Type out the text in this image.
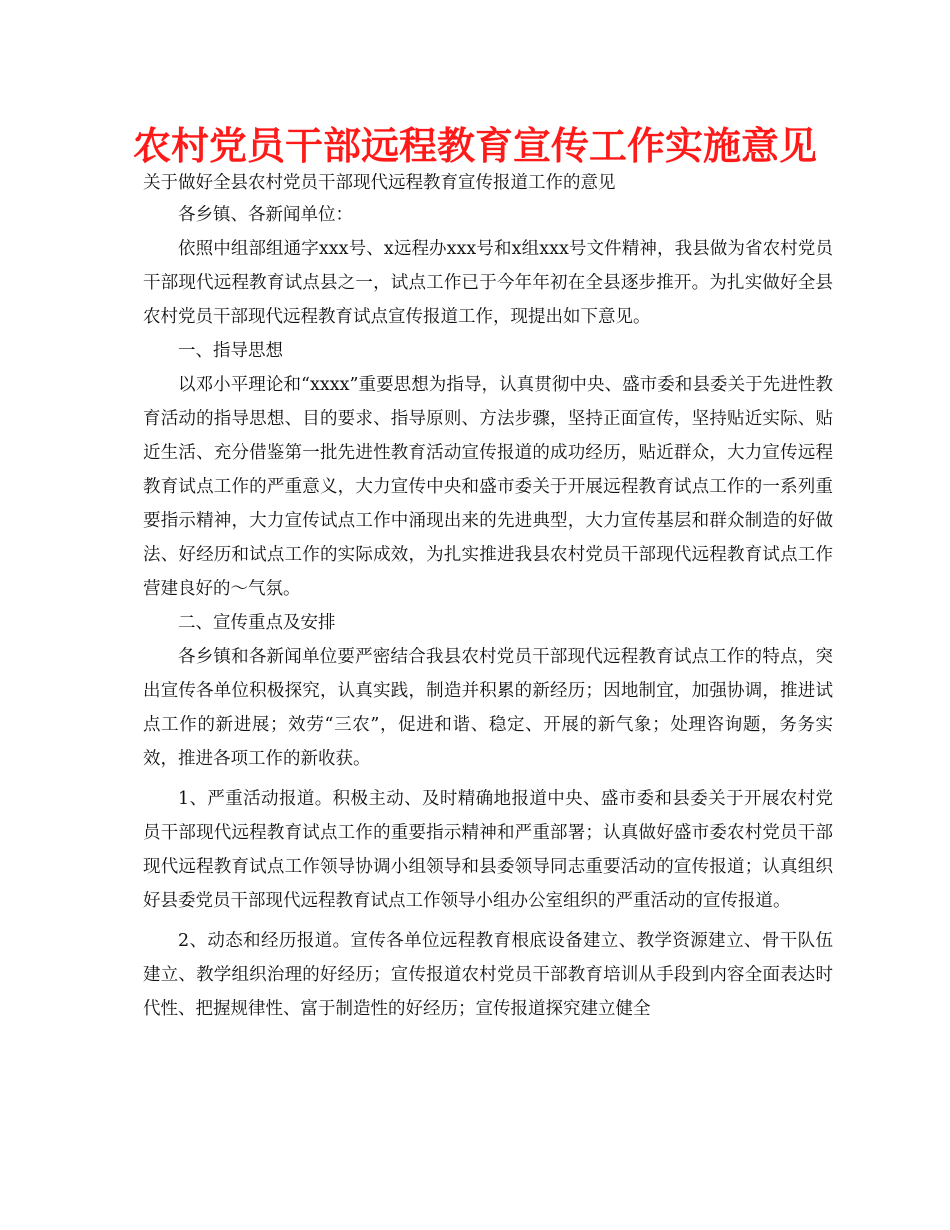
农村党员干部远程教育宣传工作实施意见

关于做好全县农村党员干部现代远程教育宣传报道工作的意见

各乡镇、各新闻单位：

依照中组部组通字xxx号、x远程办xxx号和x组xxx号文件精神，我县做为省农村党员干部现代远程教育试点县之一，试点工作已于今年年初在全县逐步推开。为扎实做好全县农村党员干部现代远程教育试点宣传报道工作，现提出如下意见。

一、指导思想

以邓小平理论和“xxxx”重要思想为指导，认真贯彻中央、盛市委和县委关于先进性教育活动的指导思想、目的要求、指导原则、方法步骤，坚持正面宣传，坚持贴近实际、贴近生活、充分借鉴第一批先进性教育活动宣传报道的成功经历，贴近群众，大力宣传远程教育试点工作的严重意义，大力宣传中央和盛市委关于开展远程教育试点工作的一系列重要指示精神，大力宣传试点工作中涌现出来的先进典型，大力宣传基层和群众制造的好做法、好经历和试点工作的实际成效，为扎实推进我县农村党员干部现代远程教育试点工作营建良好的～气氛。

二、宣传重点及安排

各乡镇和各新闻单位要严密结合我县农村党员干部现代远程教育试点工作的特点，突出宣传各单位积极探究，认真实践，制造并积累的新经历；因地制宜，加强协调，推进试点工作的新进展；效劳“三农”，促进和谐、稳定、开展的新气象；处理咨询题，务务实效，推进各项工作的新收获。

1、严重活动报道。积极主动、及时精确地报道中央、盛市委和县委关于开展农村党员干部现代远程教育试点工作的重要指示精神和严重部署；认真做好盛市委农村党员干部现代远程教育试点工作领导协调小组领导和县委领导同志重要活动的宣传报道；认真组织好县委党员干部现代远程教育试点工作领导小组办公室组织的严重活动的宣传报道。

2、动态和经历报道。宣传各单位远程教育根底设备建立、教学资源建立、骨干队伍建立、教学组织治理的好经历；宣传报道农村党员干部教育培训从手段到内容全面表达时代性、把握规律性、富于制造性的好经历；宣传报道探究建立健全
